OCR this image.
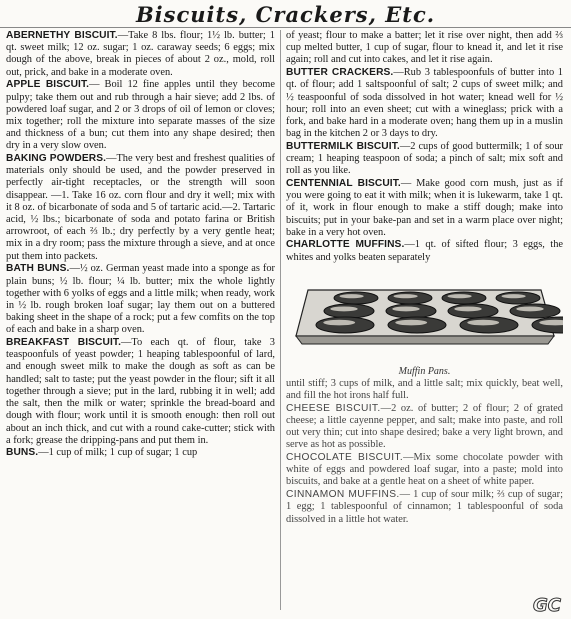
Biscuits, Crackers, Etc.

ABERNETHY BISCUIT.—Take 8 lbs. flour; 1½ lb. butter; 1 qt. sweet milk; 12 oz. sugar; 1 oz. caraway seeds; 6 eggs; mix dough of the above, break in pieces of about 2 oz., mold, roll out, prick, and bake in a moderate oven.

APPLE BISCUIT.— Boil 12 fine apples until they become pulpy; take them out and rub through a hair sieve; add 2 lbs. of powdered loaf sugar, and 2 or 3 drops of oil of lemon or cloves; mix together; roll the mixture into separate masses of the size and thickness of a bun; cut them into any shape desired; then dry in a very slow oven.

BAKING POWDERS.—The very best and freshest qualities of materials only should be used, and the powder preserved in perfectly air-tight receptacles, or the strength will soon disappear. —1. Take 16 oz. corn flour and dry it well; mix with it 8 oz. of bicarbonate of soda and 5 of tartaric acid.—2. Tartaric acid, ½ lbs.; bicarbonate of soda and potato farina or British arrowroot, of each ⅔ lb.; dry perfectly by a very gentle heat; mix in a dry room; pass the mixture through a sieve, and at once put them into packets.

BATH BUNS.—½ oz. German yeast made into a sponge as for plain buns; ½ lb. flour; ¼ lb. butter; mix the whole lightly together with 6 yolks of eggs and a little milk; when ready, work in ½ lb. rough broken loaf sugar; lay them out on a buttered baking sheet in the shape of a rock; put a few comfits on the top of each and bake in a sharp oven.

BREAKFAST BISCUIT.—To each qt. of flour, take 3 teaspoonfuls of yeast powder; 1 heaping tablespoonful of lard, and enough sweet milk to make the dough as soft as can be handled; salt to taste; put the yeast powder in the flour; sift it all together through a sieve; put in the lard, rubbing it in well; add the salt, then the milk or water; sprinkle the bread-board and dough with flour; work until it is smooth enough: then roll out about an inch thick, and cut with a round cake-cutter; stick with a fork; grease the dripping-pans and put them in.

BUNS.—1 cup of milk; 1 cup of sugar; 1 cup

of yeast; flour to make a batter; let it rise over night, then add ⅔ cup melted butter, 1 cup of sugar, flour to knead it, and let it rise again; roll and cut into cakes, and let it rise again.

BUTTER CRACKERS.—Rub 3 tablespoonfuls of butter into 1 qt. of flour; add 1 saltspoonful of salt; 2 cups of sweet milk; and ½ teaspoonful of soda dissolved in hot water; knead well for ½ hour; roll into an even sheet; cut with a wineglass; prick with a fork, and bake hard in a moderate oven; hang them up in a muslin bag in the kitchen 2 or 3 days to dry.

BUTTERMILK BISCUIT.—2 cups of good buttermilk; 1 of sour cream; 1 heaping teaspoon of soda; a pinch of salt; mix soft and roll as you like.

CENTENNIAL BISCUIT.— Make good corn mush, just as if you were going to eat it with milk; when it is lukewarm, take 1 qt. of it, work in flour enough to make a stiff dough; make into biscuits; put in your bake-pan and set in a warm place over night; bake in a very hot oven.

CHARLOTTE MUFFINS.—1 qt. of sifted flour; 3 eggs, the whites and yolks beaten separately

Muffin Pans.

until stiff; 3 cups of milk, and a little salt; mix quickly, beat well, and fill the hot irons half full.

CHEESE BISCUIT.—2 oz. of butter; 2 of flour; 2 of grated cheese; a little cayenne pepper, and salt; make into paste, and roll out very thin; cut into shape desired; bake a very light brown, and serve as hot as possible.

CHOCOLATE BISCUIT.—Mix some chocolate powder with white of eggs and powdered loaf sugar, into a paste; mold into biscuits, and bake at a gentle heat on a sheet of white paper.

CINNAMON MUFFINS.— 1 cup of sour milk; ⅔ cup of sugar; 1 egg; 1 tablespoonful of cinnamon; 1 tablespoonful of soda dissolved in a little hot water.

GC
